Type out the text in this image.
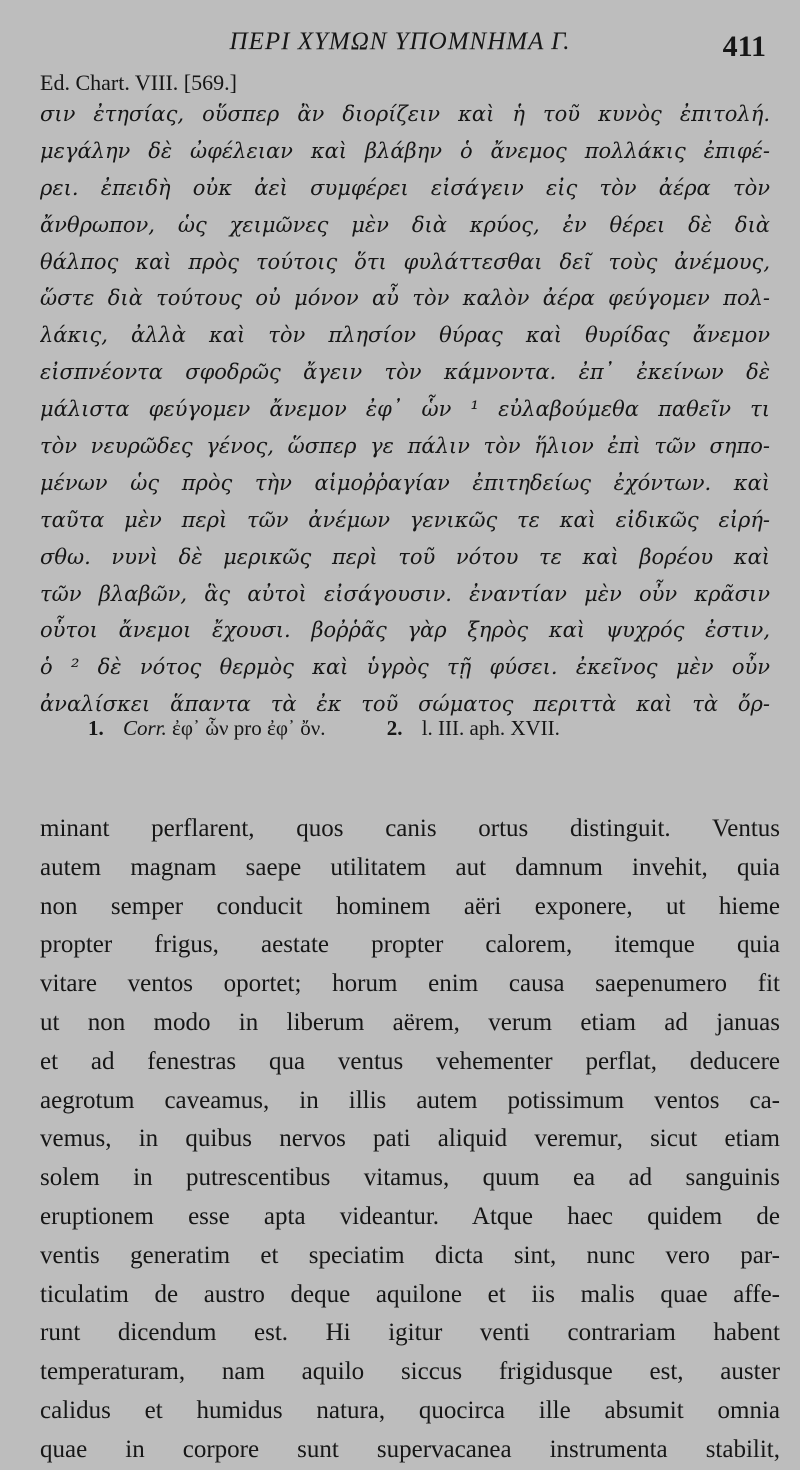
ΠΕΡΙ ΧΥΜΩΝ ΥΠΟΜΝΗΜΑ Γ.	411
Ed. Chart. VIII. [569.]
σιν ἐτησίας, οὕσπερ ἂν διορίζειν καὶ ἡ τοῦ κυνὸς ἐπιτολή.
μεγάλην δὲ ὠφέλειαν καὶ βλάβην ὁ ἄνεμος πολλάκις ἐπιφέ-
ρει. ἐπειδὴ οὐκ ἀεὶ συμφέρει εἰσάγειν εἰς τὸν ἀέρα τὸν
ἄνθρωπον, ὡς χειμῶνες μὲν διὰ κρύος, ἐν θέρει δὲ διὰ
θάλπος καὶ πρὸς τούτοις ὅτι φυλάττεσθαι δεῖ τοὺς ἀνέμους,
ὥστε διὰ τούτους οὐ μόνον αὖ τὸν καλὸν ἀέρα φεύγομεν πολ-
λάκις, ἀλλὰ καὶ τὸν πλησίον θύρας καὶ θυρίδας ἄνεμον
εἰσπνέοντα σφοδρῶς ἄγειν τὸν κάμνοντα. ἐπ᾽ ἐκείνων δὲ
μάλιστα φεύγομεν ἄνεμον ἐφ᾽ ὧν ¹ εὐλαβούμεθα παθεῖν τι
τὸν νευρῶδες γένος, ὥσπερ γε πάλιν τὸν ἥλιον ἐπὶ τῶν σηπο-
μένων ὡς πρὸς τὴν αἱμοῤῥαγίαν ἐπιτηδείως ἐχόντων. καὶ
ταῦτα μὲν περὶ τῶν ἀνέμων γενικῶς τε καὶ εἰδικῶς εἰρή-
σθω. νυνὶ δὲ μερικῶς περὶ τοῦ νότου τε καὶ βορέου καὶ
τῶν βλαβῶν, ἃς αὐτοὶ εἰσάγουσιν. ἐναντίαν μὲν οὖν κρᾶσιν
οὗτοι ἄνεμοι ἔχουσι. βοῤῥᾶς γὰρ ξηρὸς καὶ ψυχρός ἐστιν,
ὁ ² δὲ νότος θερμὸς καὶ ὑγρὸς τῇ φύσει. ἐκεῖνος μὲν οὖν
ἀναλίσκει ἅπαντα τὰ ἐκ τοῦ σώματος περιττὰ καὶ τὰ ὄρ-
1. Corr. ἐφ᾽ ὧν pro ἐφ᾽ ὄν.	2. l. III. aph. XVII.
minant perflarent, quos canis ortus distinguit. Ventus
autem magnam saepe utilitatem aut damnum invehit, quia
non semper conducit hominem aëri exponere, ut hieme
propter frigus, aestate propter calorem, itemque quia
vitare ventos oportet; horum enim causa saepenumero fit
ut non modo in liberum aërem, verum etiam ad januas
et ad fenestras qua ventus vehementer perflat, deducere
aegrotum caveamus, in illis autem potissimum ventos ca-
vemus, in quibus nervos pati aliquid veremur, sicut etiam
solem in putrescentibus vitamus, quum ea ad sanguinis
eruptionem esse apta videantur. Atque haec quidem de
ventis generatim et speciatim dicta sint, nunc vero par-
ticulatim de austro deque aquilone et iis malis quae affe-
runt dicendum est. Hi igitur venti contrariam habent
temperaturam, nam aquilo siccus frigidusque est, auster
calidus et humidus natura, quocirca ille absumit omnia
quae in corpore sunt supervacanea instrumenta stabilit,
